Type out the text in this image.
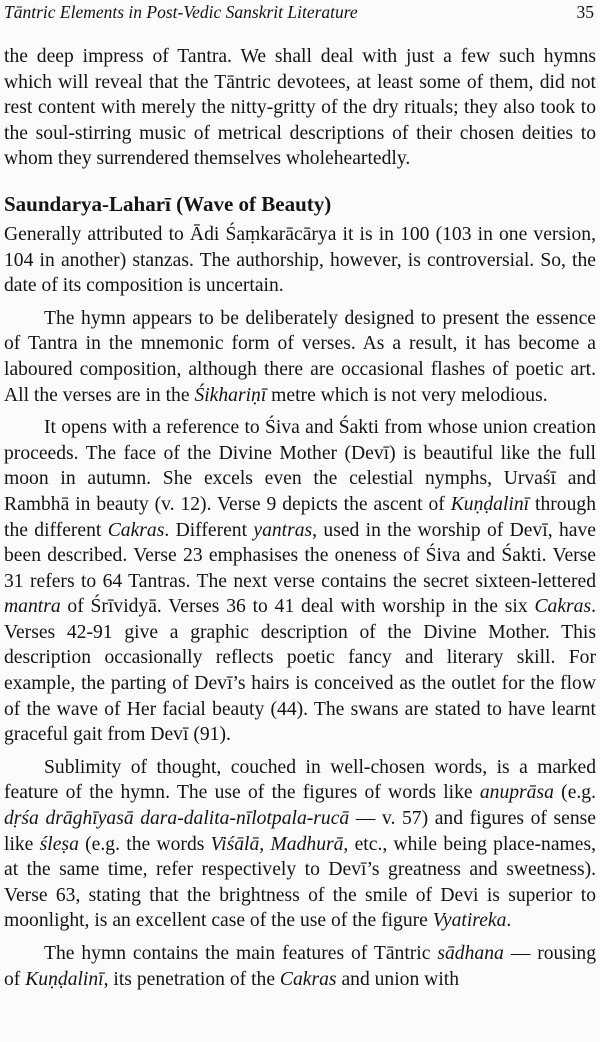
Tāntric Elements in Post-Vedic Sanskrit Literature	35

the deep impress of Tantra. We shall deal with just a few such hymns which will reveal that the Tāntric devotees, at least some of them, did not rest content with merely the nitty-gritty of the dry rituals; they also took to the soul-stirring music of metrical descriptions of their chosen deities to whom they surrendered themselves wholeheartedly.

Saundarya-Laharī (Wave of Beauty)

Generally attributed to Ādi Śaṃkarācārya it is in 100 (103 in one version, 104 in another) stanzas. The authorship, however, is controversial. So, the date of its composition is uncertain.

The hymn appears to be deliberately designed to present the essence of Tantra in the mnemonic form of verses. As a result, it has become a laboured composition, although there are occasional flashes of poetic art. All the verses are in the Śikhariṇī metre which is not very melodious.

It opens with a reference to Śiva and Śakti from whose union creation proceeds. The face of the Divine Mother (Devī) is beautiful like the full moon in autumn. She excels even the celestial nymphs, Urvaśī and Rambhā in beauty (v. 12). Verse 9 depicts the ascent of Kuṇḍalinī through the different Cakras. Different yantras, used in the worship of Devī, have been described. Verse 23 emphasises the oneness of Śiva and Śakti. Verse 31 refers to 64 Tantras. The next verse contains the secret sixteen-lettered mantra of Śrīvidyā. Verses 36 to 41 deal with worship in the six Cakras. Verses 42-91 give a graphic description of the Divine Mother. This description occasionally reflects poetic fancy and literary skill. For example, the parting of Devī’s hairs is conceived as the outlet for the flow of the wave of Her facial beauty (44). The swans are stated to have learnt graceful gait from Devī (91).

Sublimity of thought, couched in well-chosen words, is a marked feature of the hymn. The use of the figures of words like anuprāsa (e.g. dṛśa drāghīyasā dara-dalita-nīlotpala-rucā — v. 57) and figures of sense like śleṣa (e.g. the words Viśālā, Madhurā, etc., while being place-names, at the same time, refer respectively to Devī’s greatness and sweetness). Verse 63, stating that the brightness of the smile of Devi is superior to moonlight, is an excellent case of the use of the figure Vyatireka.

The hymn contains the main features of Tāntric sādhana — rousing of Kuṇḍalinī, its penetration of the Cakras and union with
